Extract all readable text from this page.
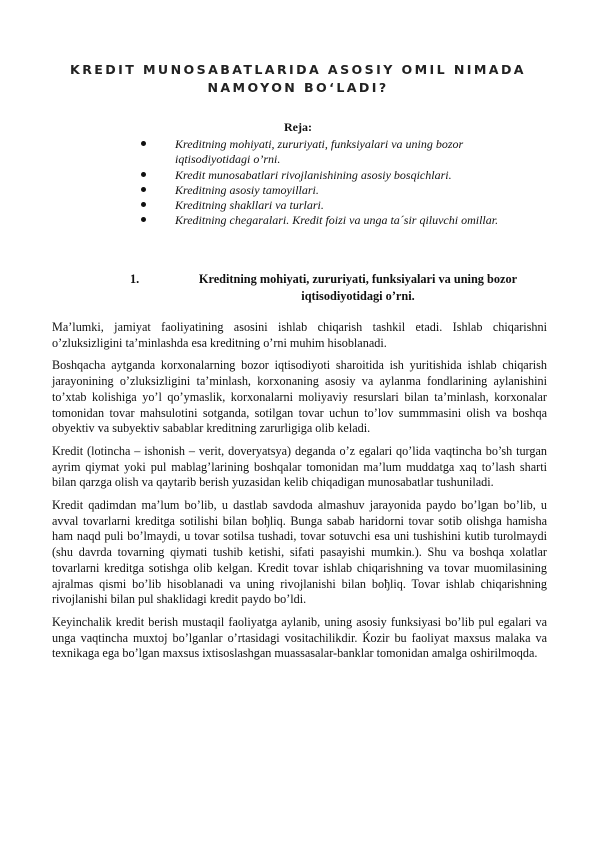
KREDIT MUNOSABATLARIDA ASOSIY OMIL NIMADA
NAMOYON BO‘LADI?
Reja:
Kreditning mohiyati, zururiyati, funksiyalari va uning bozor iqtisodiyotidagi o’rni.
Kredit munosabatlari rivojlanishining asosiy bosqichlari.
Kreditning asosiy tamoyillari.
Kreditning shakllari va turlari.
Kreditning chegaralari. Kredit foizi va unga ta´sir qiluvchi omillar.
1.	Kreditning mohiyati, zururiyati, funksiyalari va uning bozor iqtisodiyotidagi o’rni.

Ma’lumki, jamiyat faoliyatining asosini ishlab chiqarish tashkil etadi. Ishlab chiqarishni o’zluksizligini ta’minlashda esa kreditning o’rni muhim hisoblanadi.

Boshqacha aytganda korxonalarning bozor iqtisodiyoti sharoitida ish yuritishida ishlab chiqarish jarayonining o’zluksizligini ta’minlash, korxonaning asosiy va aylanma fondlarining aylanishini to’xtab kolishiga yo’l qo’ymaslik, korxonalarni moliyaviy resurslari bilan ta’minlash, korxonalar tomonidan tovar mahsulotini sotganda, sotilgan tovar uchun to’lov summmasini olish va boshqa obyektiv va subyektiv sabablar kreditning zarurligiga olib keladi.

Kredit (lotincha – ishonish – verit, doveryatsya) deganda o’z egalari qo’lida vaqtincha bo’sh turgan ayrim qiymat yoki pul mablag’larining boshqalar tomonidan ma’lum muddatga xaq to’lash sharti bilan qarzga olish va qaytarib berish yuzasidan kelib chiqadigan munosabatlar tushuniladi.

Kredit qadimdan ma’lum bo’lib, u dastlab savdoda almashuv jarayonida paydo bo’lgan bo’lib, u avval tovarlarni kreditga sotilishi bilan boђliq. Bunga sabab haridorni tovar sotib olishga hamisha ham naqd puli bo’lmaydi, u tovar sotilsa tushadi, tovar sotuvchi esa uni tushishini kutib turolmaydi (shu davrda tovarning qiymati tushib ketishi, sifati pasayishi mumkin.). Shu va boshqa xolatlar tovarlarni kreditga sotishga olib kelgan. Kredit tovar ishlab chiqarishning va tovar muomilasining ajralmas qismi bo’lib hisoblanadi va uning rivojlanishi bilan boђliq. Tovar ishlab chiqarishning rivojlanishi bilan pul shaklidagi kredit paydo bo’ldi.

Keyinchalik kredit berish mustaqil faoliyatga aylanib, uning asosiy funksiyasi bo’lib pul egalari va unga vaqtincha muxtoj bo’lganlar o’rtasidagi vositachilikdir. Ќozir bu faoliyat maxsus malaka va texnikaga ega bo’lgan maxsus ixtisoslashgan muassasalar-banklar tomonidan amalga oshirilmoqda.
